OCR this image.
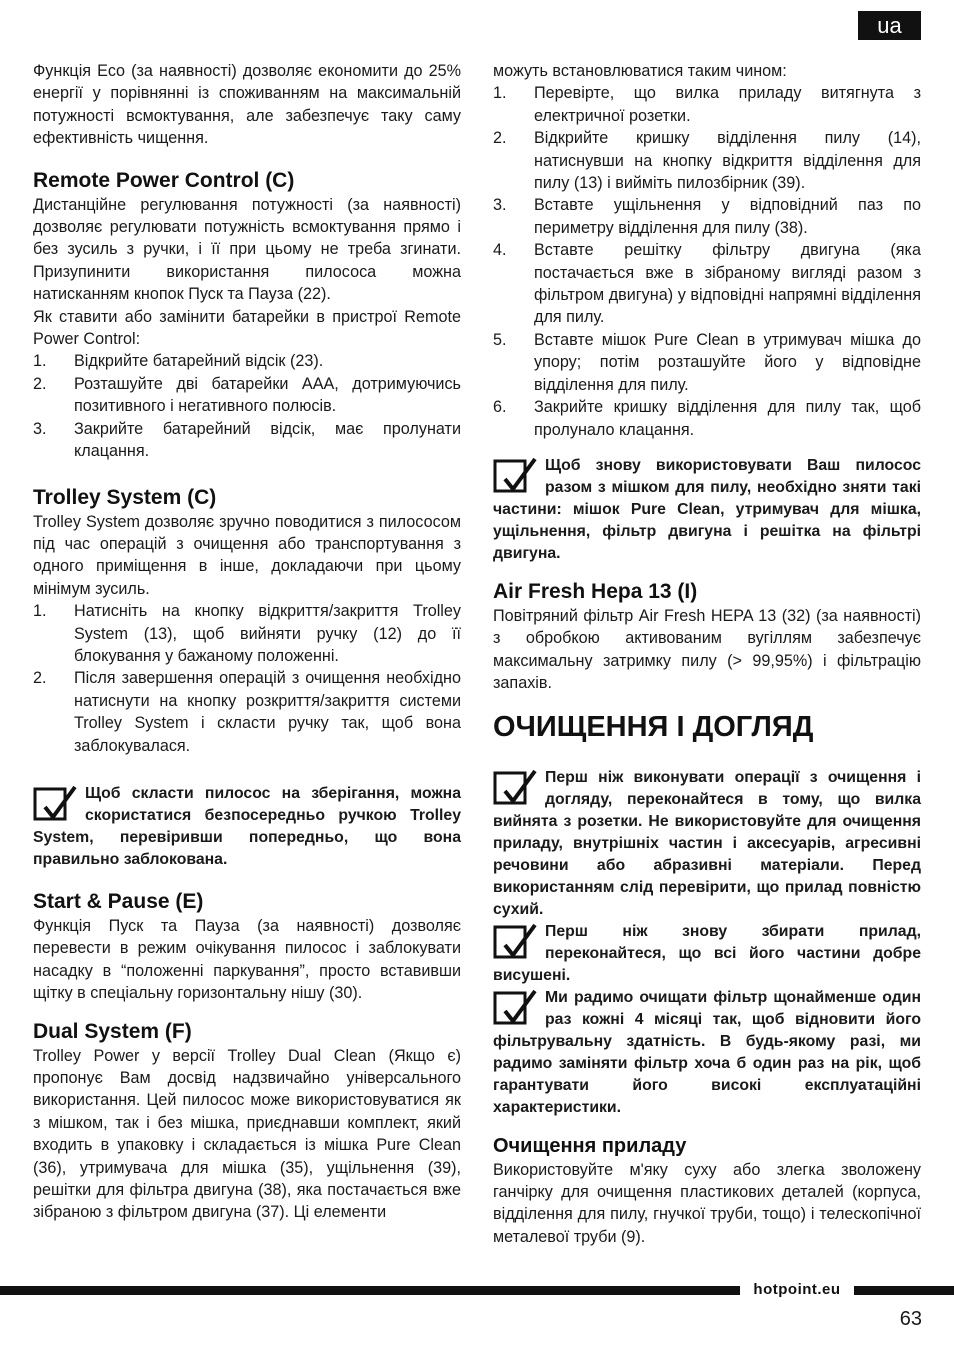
ua

Функція Eco (за наявності) дозволяє економити до 25% енергії у порівнянні із споживанням на максимальній потужності всмоктування, але забезпечує таку саму ефективність чищення.

Remote Power Control (C)

Дистанційне регулювання потужності (за наявності) дозволяє регулювати потужність всмоктування прямо і без зусиль з ручки, і її при цьому не треба згинати. Призупинити використання пилососа можна натисканням кнопок Пуск та Пауза (22).

Як ставити або замінити батарейки в пристрої Remote Power Control:

1. Відкрийте батарейний відсік (23).
2. Розташуйте дві батарейки AAA, дотримуючись позитивного і негативного полюсів.
3. Закрийте батарейний відсік, має пролунати клацання.
Trolley System (C)

Trolley System дозволяє зручно поводитися з пилососом під час операцій з очищення або транспортування з одного приміщення в інше, докладаючи при цьому мінімум зусиль.

1. Натисніть на кнопку відкриття/закриття Trolley System (13), щоб вийняти ручку (12) до її блокування у бажаному положенні.
2. Після завершення операцій з очищення необхідно натиснути на кнопку розкриття/закриття системи Trolley System і скласти ручку так, щоб вона заблокувалася.
Щоб скласти пилосос на зберігання, можна скористатися безпосередньо ручкою Trolley System, перевіривши попередньо, що вона правильно заблокована.
Start & Pause (E)

Функція Пуск та Пауза (за наявності) дозволяє перевести в режим очікування пилосос і заблокувати насадку в “положенні паркування”, просто вставивши щітку в спеціальну горизонтальну нішу (30).

Dual System (F)

Trolley Power у версії Trolley Dual Clean (Якщо є) пропонує Вам досвід надзвичайно універсального використання. Цей пилосос може використовуватися як з мішком, так і без мішка, приєднавши комплект, який входить в упаковку і складається із мішка Pure Clean (36), утримувача для мішка (35), ущільнення (39), решітки для фільтра двигуна (38), яка постачається вже зібраною з фільтром двигуна (37). Ці елементи

можуть встановлюватися таким чином:

1. Перевірте, що вилка приладу витягнута з електричної розетки.
2. Відкрийте кришку відділення пилу (14), натиснувши на кнопку відкриття відділення для пилу (13) і вийміть пилозбірник (39).
3. Вставте ущільнення у відповідний паз по периметру відділення для пилу (38).
4. Вставте решітку фільтру двигуна (яка постачається вже в зібраному вигляді разом з фільтром двигуна) у відповідні напрямні відділення для пилу.
5. Вставте мішок Pure Clean в утримувач мішка до упору; потім розташуйте його у відповідне відділення для пилу.
6. Закрийте кришку відділення для пилу так, щоб пролунало клацання.
Щоб знову використовувати Ваш пилосос разом з мішком для пилу, необхідно зняти такі частини: мішок Pure Clean, утримувач для мішка, ущільнення, фільтр двигуна і решітка на фільтрі двигуна.
Air Fresh Hepa 13 (I)

Повітряний фільтр Air Fresh HEPA 13 (32) (за наявності) з обробкою активованим вугіллям забезпечує максимальну затримку пилу (> 99,95%) і фільтрацію запахів.

ОЧИЩЕННЯ І ДОГЛЯД
Перш ніж виконувати операції з очищення і догляду, переконайтеся в тому, що вилка вийнята з розетки. Не використовуйте для очищення приладу, внутрішніх частин і аксесуарів, агресивні речовини або абразивні матеріали. Перед використанням слід перевірити, що прилад повністю сухий.
Перш ніж знову збирати прилад, переконайтеся, що всі його частини добре висушені.
Ми радимо очищати фільтр щонайменше один раз кожні 4 місяці так, щоб відновити його фільтрувальну здатність. В будь-якому разі, ми радимо заміняти фільтр хоча б один раз на рік, щоб гарантувати його високі експлуатаційні характеристики.
Очищення приладу

Використовуйте м'яку суху або злегка зволожену ганчірку для очищення пластикових деталей (корпуса, відділення для пилу, гнучкої труби, тощо) і телескопічної металевої труби (9).

hotpoint.eu
63
